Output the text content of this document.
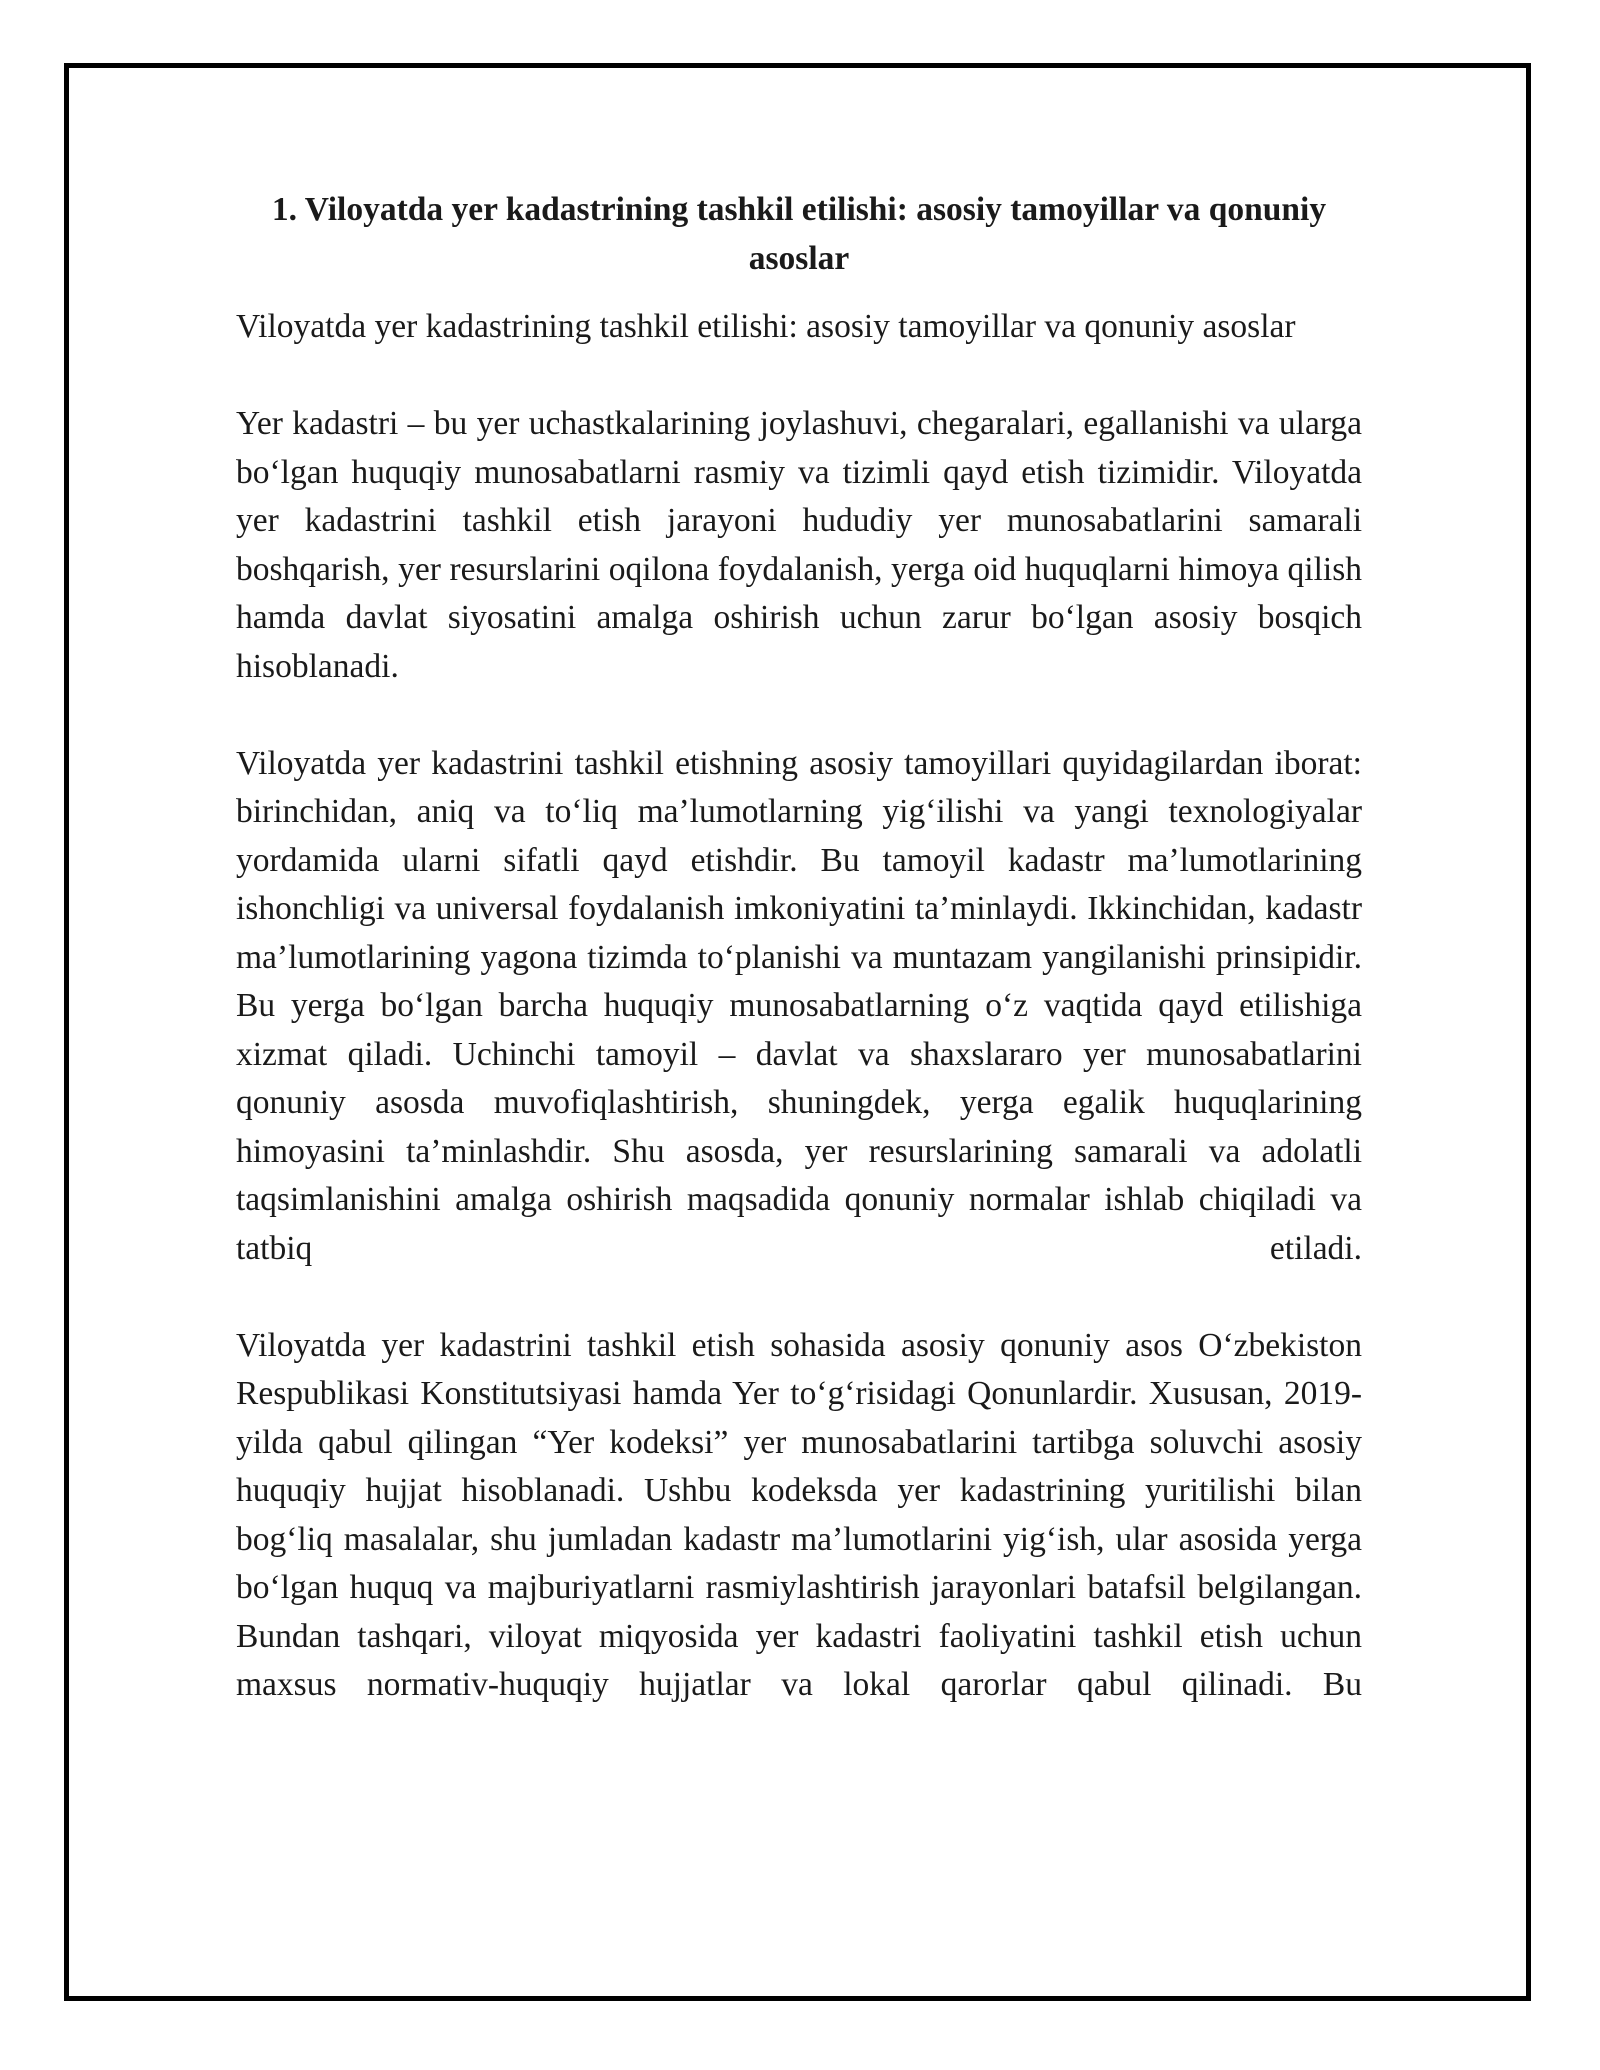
1. Viloyatda yer kadastrining tashkil etilishi: asosiy tamoyillar va qonuniy asoslar

Viloyatda yer kadastrining tashkil etilishi: asosiy tamoyillar va qonuniy asoslar

Yer kadastri – bu yer uchastkalarining joylashuvi, chegaralari, egallanishi va ularga bo‘lgan huquqiy munosabatlarni rasmiy va tizimli qayd etish tizimidir. Viloyatda yer kadastrini tashkil etish jarayoni hududiy yer munosabatlarini samarali boshqarish, yer resurslarini oqilona foydalanish, yerga oid huquqlarni himoya qilish hamda davlat siyosatini amalga oshirish uchun zarur bo‘lgan asosiy bosqich hisoblanadi.

Viloyatda yer kadastrini tashkil etishning asosiy tamoyillari quyidagilardan iborat: birinchidan, aniq va to‘liq ma’lumotlarning yig‘ilishi va yangi texnologiyalar yordamida ularni sifatli qayd etishdir. Bu tamoyil kadastr ma’lumotlarining ishonchligi va universal foydalanish imkoniyatini ta’minlaydi. Ikkinchidan, kadastr ma’lumotlarining yagona tizimda to‘planishi va muntazam yangilanishi prinsipidir. Bu yerga bo‘lgan barcha huquqiy munosabatlarning o‘z vaqtida qayd etilishiga xizmat qiladi. Uchinchi tamoyil – davlat va shaxslararo yer munosabatlarini qonuniy asosda muvofiqlashtirish, shuningdek, yerga egalik huquqlarining himoyasini ta’minlashdir. Shu asosda, yer resurslarining samarali va adolatli taqsimlanishini amalga oshirish maqsadida qonuniy normalar ishlab chiqiladi va tatbiq etiladi.

Viloyatda yer kadastrini tashkil etish sohasida asosiy qonuniy asos O‘zbekiston Respublikasi Konstitutsiyasi hamda Yer to‘g‘risidagi Qonunlardir. Xususan, 2019-yilda qabul qilingan “Yer kodeksi” yer munosabatlarini tartibga soluvchi asosiy huquqiy hujjat hisoblanadi. Ushbu kodeksda yer kadastrining yuritilishi bilan bog‘liq masalalar, shu jumladan kadastr ma’lumotlarini yig‘ish, ular asosida yerga bo‘lgan huquq va majburiyatlarni rasmiylashtirish jarayonlari batafsil belgilangan. Bundan tashqari, viloyat miqyosida yer kadastri faoliyatini tashkil etish uchun maxsus normativ-huquqiy hujjatlar va lokal qarorlar qabul qilinadi. Bu
